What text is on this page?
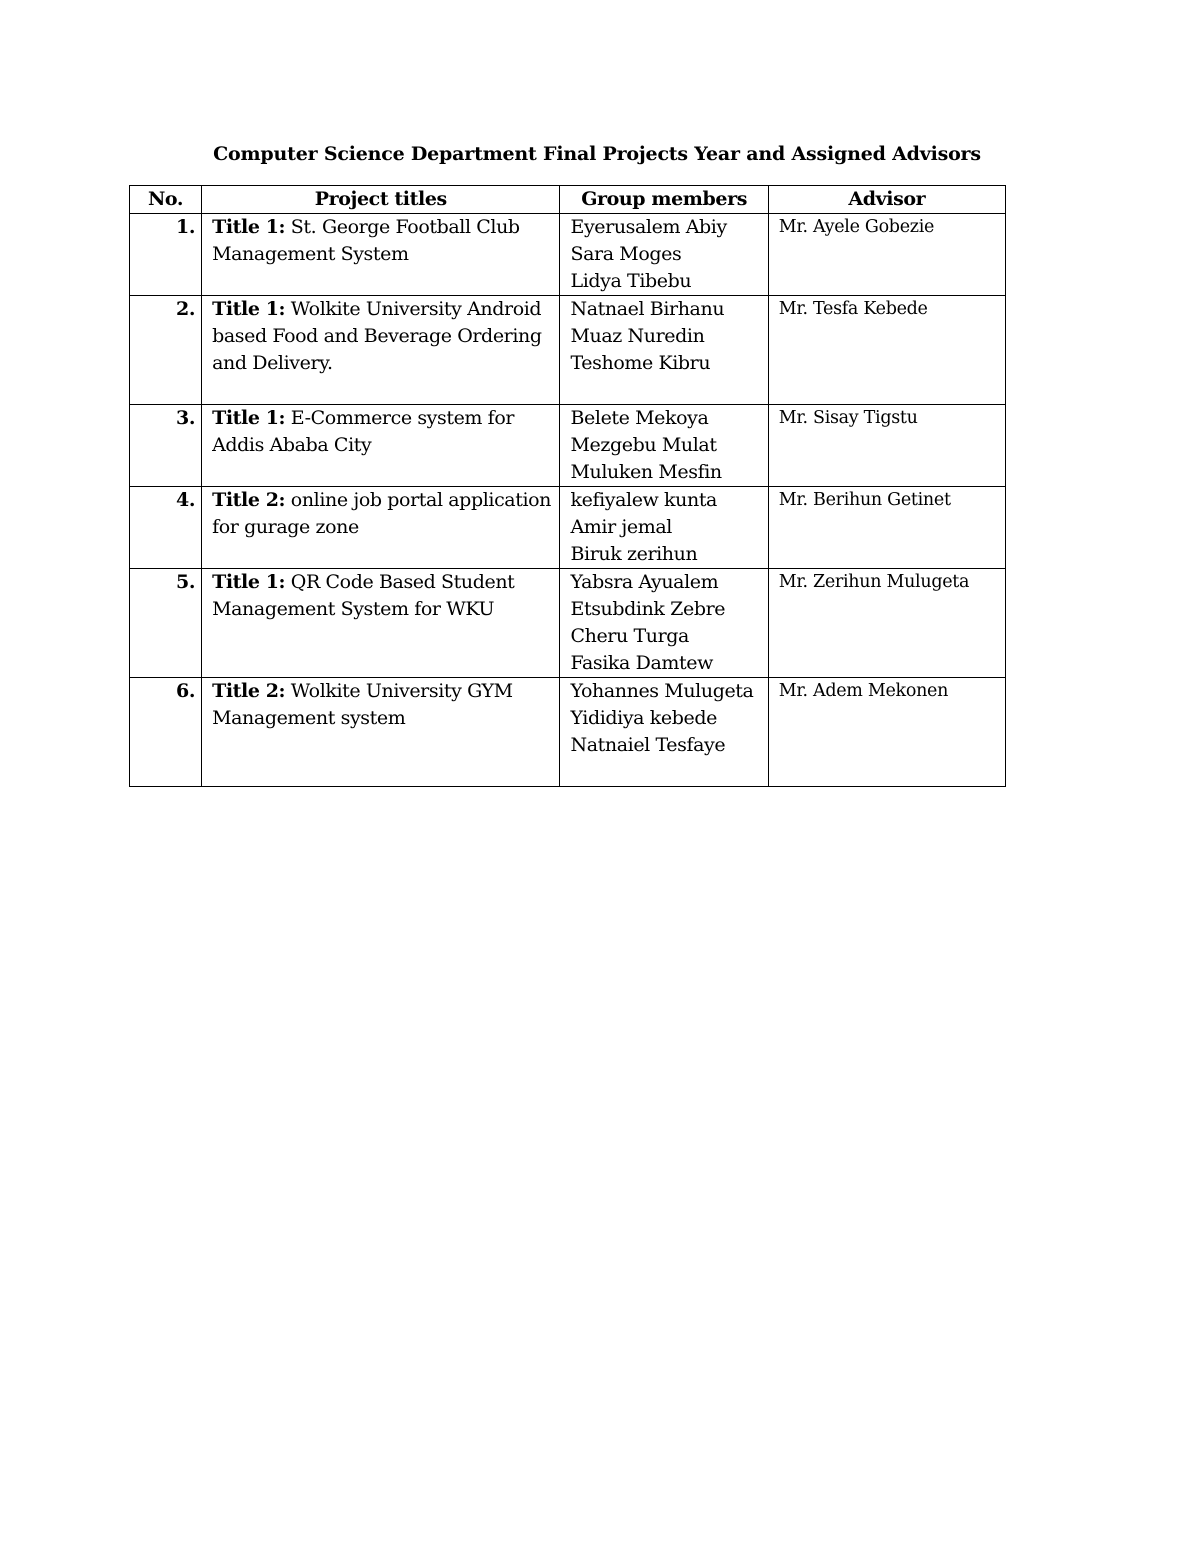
Computer Science Department Final Projects Year and Assigned Advisors
No.	Project titles	Group members	Advisor
1.	Title 1: St. George Football Club Management System	Eyerusalem Abiy
Sara Moges
Lidya Tibebu	Mr. Ayele Gobezie
2.	Title 1: Wolkite University Android based Food and Beverage Ordering and Delivery.	Natnael Birhanu
Muaz Nuredin
Teshome Kibru	Mr. Tesfa Kebede
3.	Title 1: E-Commerce system for Addis Ababa City	Belete Mekoya
Mezgebu Mulat
Muluken Mesfin	Mr. Sisay Tigstu
4.	Title 2: online job portal application for gurage zone	kefiyalew kunta
Amir jemal
Biruk zerihun	Mr. Berihun Getinet
5.	Title 1: QR Code Based Student Management System for WKU	Yabsra Ayualem
Etsubdink Zebre
Cheru Turga
Fasika Damtew	Mr. Zerihun Mulugeta
6.	Title 2: Wolkite University GYM Management system	Yohannes Mulugeta
Yididiya kebede
Natnaiel Tesfaye	Mr. Adem Mekonen
